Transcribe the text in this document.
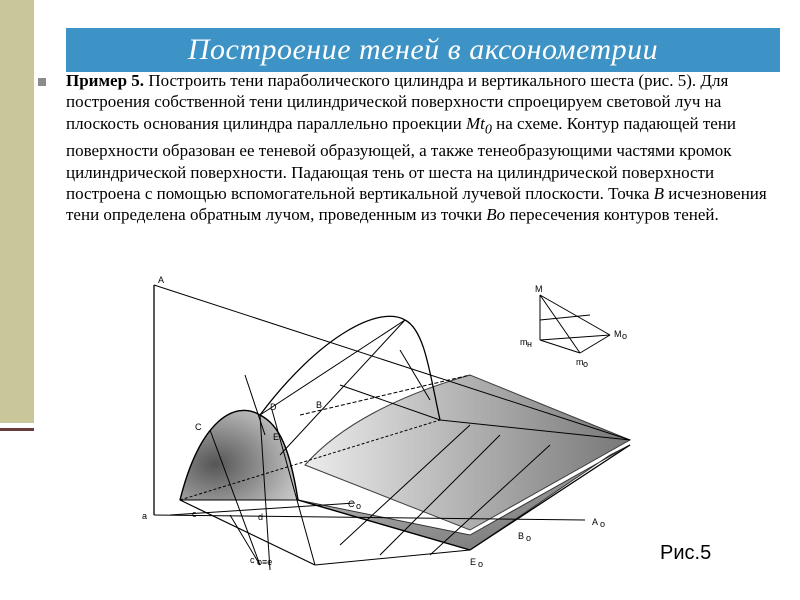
Построение теней в аксонометрии
Пример 5. Построить тени параболического цилиндра и вертикального шеста (рис. 5). Для построения собственной тени цилиндрической поверхности спроецируем световой луч на плоскость основания цилиндра параллельно проекции $Mt_0$ на схеме. Контур падающей тени поверхности образован ее теневой образующей, а также тенеобразующими частями кромок цилиндрической поверхности. Падающая тень от шеста на цилиндрической поверхности построена с помощью вспомогательной вертикальной лучевой плоскости. Точка B исчезновения тени определена обратным лучом, проведенным из точки Bo пересечения контуров теней.
A
C
D	B
E
C o
A o
B o
E o
a	c	d
c o≡e
M
M o
m н
m o
Рис.5
